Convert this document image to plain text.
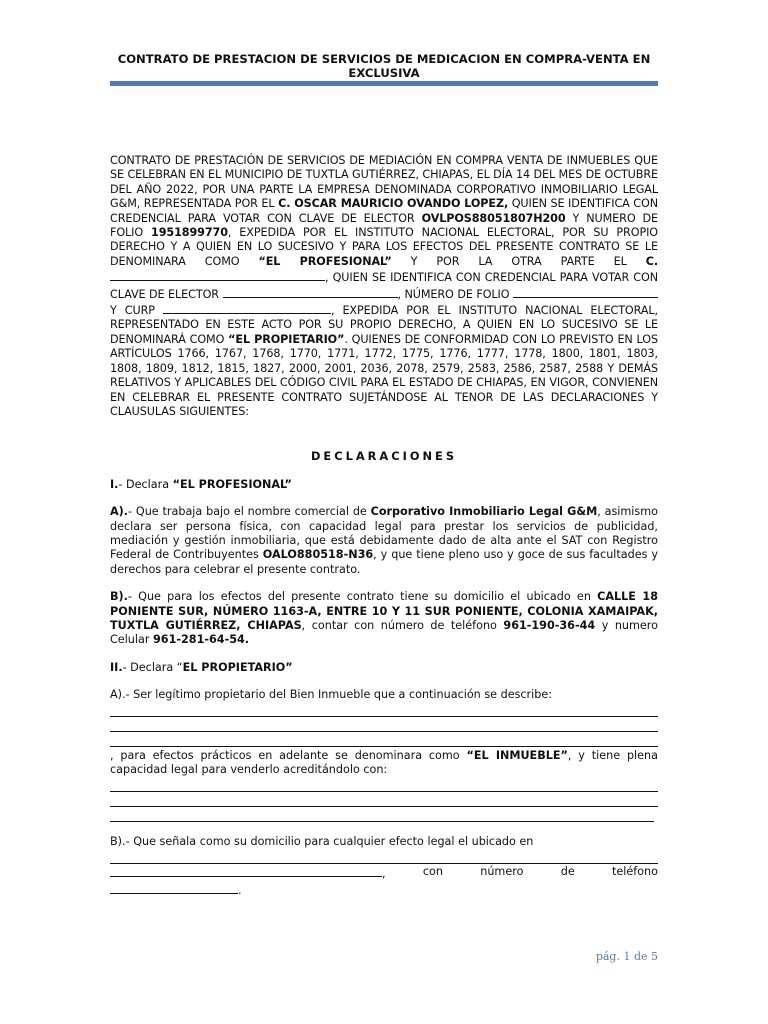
CONTRATO DE PRESTACION DE SERVICIOS DE MEDICACION EN COMPRA-VENTA EN EXCLUSIVA

CONTRATO DE PRESTACIÓN DE SERVICIOS DE MEDIACIÓN EN COMPRA VENTA DE INMUEBLES QUE SE CELEBRAN EN EL MUNICIPIO DE TUXTLA GUTIÉRREZ, CHIAPAS, EL DÍA 14 DEL MES DE OCTUBRE DEL AÑO 2022, POR UNA PARTE LA EMPRESA DENOMINADA CORPORATIVO INMOBILIARIO LEGAL G&M, REPRESENTADA POR EL C. OSCAR MAURICIO OVANDO LOPEZ, QUIEN SE IDENTIFICA CON CREDENCIAL PARA VOTAR CON CLAVE DE ELECTOR OVLPOS88051807H200 Y NUMERO DE FOLIO 1951899770, EXPEDIDA POR EL INSTITUTO NACIONAL ELECTORAL, POR SU PROPIO DERECHO Y A QUIEN EN LO SUCESIVO Y PARA LOS EFECTOS DEL PRESENTE CONTRATO SE LE DENOMINARA COMO “EL PROFESIONAL” Y POR LA OTRA PARTE EL C., QUIEN SE IDENTIFICA CON CREDENCIAL PARA VOTAR CON CLAVE DE ELECTOR	, NÚMERO DE FOLIO  Y CURP	, EXPEDIDA POR EL INSTITUTO NACIONAL ELECTORAL, REPRESENTADO EN ESTE ACTO POR SU PROPIO DERECHO, A QUIEN EN LO SUCESIVO SE LE DENOMINARÁ COMO “EL PROPIETARIO”. QUIENES DE CONFORMIDAD CON LO PREVISTO EN LOS ARTÍCULOS 1766, 1767, 1768, 1770, 1771, 1772, 1775, 1776, 1777, 1778, 1800, 1801, 1803, 1808, 1809, 1812, 1815, 1827, 2000, 2001, 2036, 2078, 2579, 2583, 2586, 2587, 2588 Y DEMÁS RELATIVOS Y APLICABLES DEL CÓDIGO CIVIL PARA EL ESTADO DE CHIAPAS, EN VIGOR, CONVIENEN EN CELEBRAR EL PRESENTE CONTRATO SUJETÁNDOSE AL TENOR DE LAS DECLARACIONES Y CLAUSULAS SIGUIENTES:

DECLARACIONES

I.- Declara “EL PROFESIONAL”

A).- Que trabaja bajo el nombre comercial de Corporativo Inmobiliario Legal G&M, asimismo declara ser persona física, con capacidad legal para prestar los servicios de publicidad, mediación y gestión inmobiliaria, que está debidamente dado de alta ante el SAT con Registro Federal de Contribuyentes OALO880518-N36, y que tiene pleno uso y goce de sus facultades y derechos para celebrar el presente contrato.

B).- Que para los efectos del presente contrato tiene su domicilio el ubicado en CALLE 18 PONIENTE SUR, NÚMERO 1163-A, ENTRE 10 Y 11 SUR PONIENTE, COLONIA XAMAIPAK, TUXTLA GUTIÉRREZ, CHIAPAS, contar con número de teléfono 961-190-36-44 y numero Celular 961-281-64-54.

II.- Declara “EL PROPIETARIO”

A).- Ser legítimo propietario del Bien Inmueble que a continuación se describe:

, para efectos prácticos en adelante se denominara como “EL INMUEBLE”, y tiene plena capacidad legal para venderlo acreditándolo con:

B).- Que señala como su domicilio para cualquier efecto legal el ubicado en

,	con	número	de	teléfono
.
pág. 1 de 5
